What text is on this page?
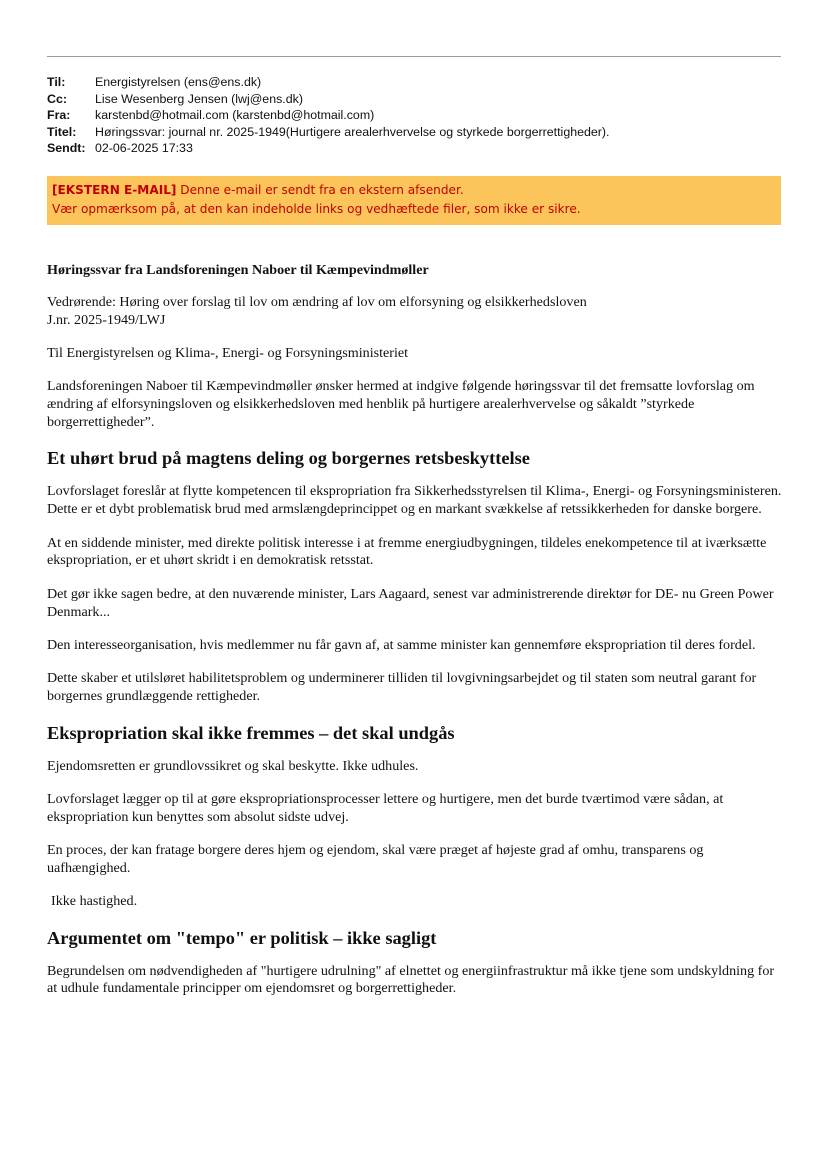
Til:	Energistyrelsen (ens@ens.dk)
Cc:	Lise Wesenberg Jensen (lwj@ens.dk)
Fra:	karstenbd@hotmail.com (karstenbd@hotmail.com)
Titel:	Høringssvar: journal nr. 2025-1949(Hurtigere arealerhvervelse og styrkede borgerrettigheder).
Sendt: 02-06-2025 17:33
[EKSTERN E-MAIL] Denne e-mail er sendt fra en ekstern afsender.
Vær opmærksom på, at den kan indeholde links og vedhæftede filer, som ikke er sikre.

Høringssvar fra Landsforeningen Naboer til Kæmpevindmøller

Vedrørende: Høring over forslag til lov om ændring af lov om elforsyning og elsikkerhedsloven
J.nr. 2025-1949/LWJ

Til Energistyrelsen og Klima-, Energi- og Forsyningsministeriet

Landsforeningen Naboer til Kæmpevindmøller ønsker hermed at indgive følgende høringssvar til det fremsatte lovforslag om ændring af elforsyningsloven og elsikkerhedsloven med henblik på hurtigere arealerhvervelse og såkaldt ”styrkede borgerrettigheder”.

Et uhørt brud på magtens deling og borgernes retsbeskyttelse

Lovforslaget foreslår at flytte kompetencen til ekspropriation fra Sikkerhedsstyrelsen til Klima-, Energi- og Forsyningsministeren. Dette er et dybt problematisk brud med armslængdeprincippet og en markant svækkelse af retssikkerheden for danske borgere.

At en siddende minister, med direkte politisk interesse i at fremme energiudbygningen, tildeles enekompetence til at iværksætte ekspropriation, er et uhørt skridt i en demokratisk retsstat.

Det gør ikke sagen bedre, at den nuværende minister, Lars Aagaard, senest var administrerende direktør for DE- nu Green Power Denmark...

Den interesseorganisation, hvis medlemmer nu får gavn af, at samme minister kan gennemføre ekspropriation til deres fordel.

Dette skaber et utilsløret habilitetsproblem og underminerer tilliden til lovgivningsarbejdet og til staten som neutral garant for borgernes grundlæggende rettigheder.

Ekspropriation skal ikke fremmes – det skal undgås

Ejendomsretten er grundlovssikret og skal beskytte. Ikke udhules.

Lovforslaget lægger op til at gøre ekspropriationsprocesser lettere og hurtigere, men det burde tværtimod være sådan, at ekspropriation kun benyttes som absolut sidste udvej.

En proces, der kan fratage borgere deres hjem og ejendom, skal være præget af højeste grad af omhu, transparens og uafhængighed.

Ikke hastighed.

Argumentet om "tempo" er politisk – ikke sagligt

Begrundelsen om nødvendigheden af "hurtigere udrulning" af elnettet og energiinfrastruktur må ikke tjene som undskyldning for at udhule fundamentale principper om ejendomsret og borgerrettigheder.
